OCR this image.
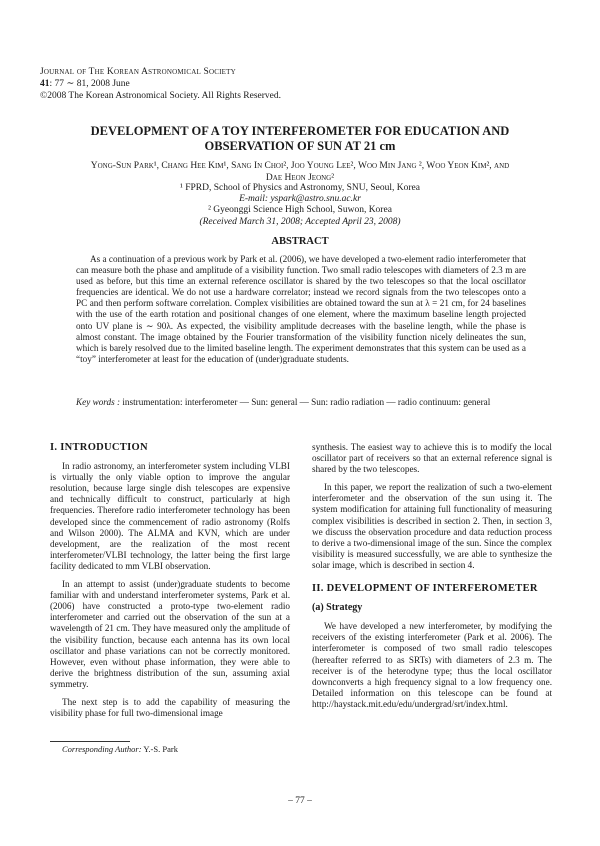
Journal of The Korean Astronomical Society
41: 77 ∼ 81, 2008 June
©2008 The Korean Astronomical Society. All Rights Reserved.
DEVELOPMENT OF A TOY INTERFEROMETER FOR EDUCATION AND
OBSERVATION OF SUN AT 21 cm
Yong-Sun Park¹, Chang Hee Kim¹, Sang In Choi², Joo Young Lee², Woo Min Jang ², Woo Yeon Kim², and
Dae Heon Jeong²
¹ FPRD, School of Physics and Astronomy, SNU, Seoul, Korea
E-mail: yspark@astro.snu.ac.kr
² Gyeonggi Science High School, Suwon, Korea
(Received March 31, 2008; Accepted April 23, 2008)
ABSTRACT

As a continuation of a previous work by Park et al. (2006), we have developed a two-element radio interferometer that can measure both the phase and amplitude of a visibility function. Two small radio telescopes with diameters of 2.3 m are used as before, but this time an external reference oscillator is shared by the two telescopes so that the local oscillator frequencies are identical. We do not use a hardware correlator; instead we record signals from the two telescopes onto a PC and then perform software correlation. Complex visibilities are obtained toward the sun at λ = 21 cm, for 24 baselines with the use of the earth rotation and positional changes of one element, where the maximum baseline length projected onto UV plane is ∼ 90λ. As expected, the visibility amplitude decreases with the baseline length, while the phase is almost constant. The image obtained by the Fourier transformation of the visibility function nicely delineates the sun, which is barely resolved due to the limited baseline length. The experiment demonstrates that this system can be used as a “toy” interferometer at least for the education of (under)graduate students.

Key words : instrumentation: interferometer — Sun: general — Sun: radio radiation — radio continuum: general
I. INTRODUCTION

In radio astronomy, an interferometer system including VLBI is virtually the only viable option to improve the angular resolution, because large single dish telescopes are expensive and technically difficult to construct, particularly at high frequencies. Therefore radio interferometer technology has been developed since the commencement of radio astronomy (Rolfs and Wilson 2000). The ALMA and KVN, which are under development, are the realization of the most recent interferometer/VLBI technology, the latter being the first large facility dedicated to mm VLBI observation.

In an attempt to assist (under)graduate students to become familiar with and understand interferometer systems, Park et al. (2006) have constructed a proto-type two-element radio interferometer and carried out the observation of the sun at a wavelength of 21 cm. They have measured only the amplitude of the visibility function, because each antenna has its own local oscillator and phase variations can not be correctly monitored. However, even without phase information, they were able to derive the brightness distribution of the sun, assuming axial symmetry.

The next step is to add the capability of measuring the visibility phase for full two-dimensional image

synthesis. The easiest way to achieve this is to modify the local oscillator part of receivers so that an external reference signal is shared by the two telescopes.

In this paper, we report the realization of such a two-element interferometer and the observation of the sun using it. The system modification for attaining full functionality of measuring complex visibilities is described in section 2. Then, in section 3, we discuss the observation procedure and data reduction process to derive a two-dimensional image of the sun. Since the complex visibility is measured successfully, we are able to synthesize the solar image, which is described in section 4.

II. DEVELOPMENT OF INTERFEROMETER
(a) Strategy

We have developed a new interferometer, by modifying the receivers of the existing interferometer (Park et al. 2006). The interferometer is composed of two small radio telescopes (hereafter referred to as SRTs) with diameters of 2.3 m. The receiver is of the heterodyne type; thus the local oscillator downconverts a high frequency signal to a low frequency one. Detailed information on this telescope can be found at http://haystack.mit.edu/edu/undergrad/srt/index.html.

Corresponding Author: Y.-S. Park
– 77 –
